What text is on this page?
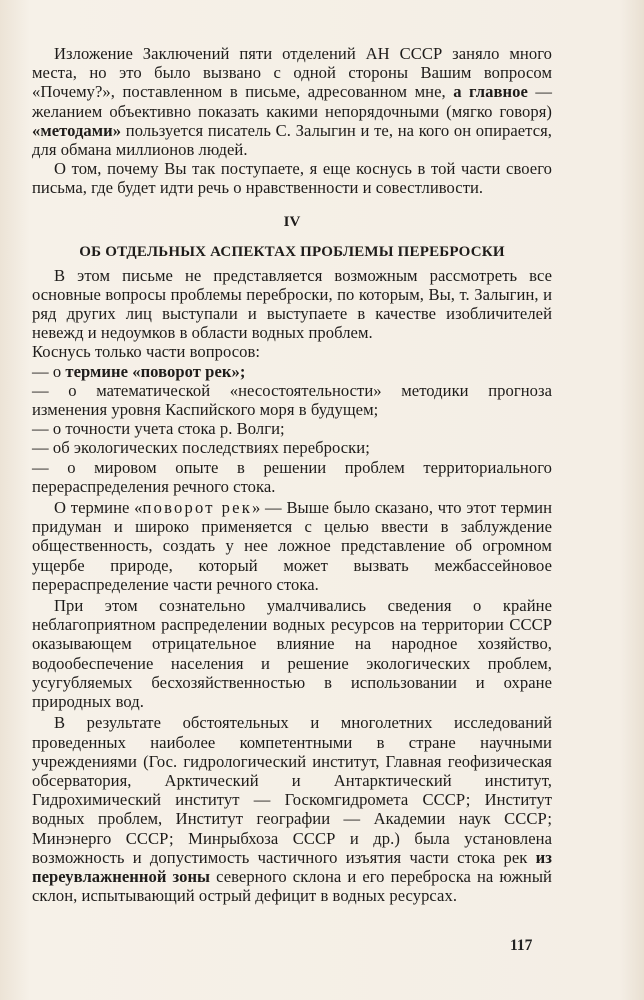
Изложение Заключений пяти отделений АН СССР заняло много места, но это было вызвано с одной стороны Вашим вопросом «Почему?», поставленном в письме, адресованном мне, а главное — желанием объективно показать какими непорядочными (мягко говоря) «методами» пользуется писатель С. Залыгин и те, на кого он опирается, для обмана миллионов людей.

О том, почему Вы так поступаете, я еще коснусь в той части своего письма, где будет идти речь о нравственности и совестливости.

IV

ОБ ОТДЕЛЬНЫХ АСПЕКТАХ ПРОБЛЕМЫ ПЕРЕБРОСКИ

В этом письме не представляется возможным рассмотреть все основные вопросы проблемы переброски, по которым, Вы, т. Залыгин, и ряд других лиц выступали и выступаете в качестве изобличителей невежд и недоумков в области водных проблем.

Коснусь только части вопросов:

— о термине «поворот рек»;

— о математической «несостоятельности» методики прогноза изменения уровня Каспийского моря в будущем;

— о точности учета стока р. Волги;

— об экологических последствиях переброски;

— о мировом опыте в решении проблем территориального перераспределения речного стока.

О термине «поворот рек» — Выше было сказано, что этот термин придуман и широко применяется с целью ввести в заблуждение общественность, создать у нее ложное представление об огромном ущербе природе, который может вызвать межбассейновое перераспределение части речного стока.

При этом сознательно умалчивались сведения о крайне неблагоприятном распределении водных ресурсов на территории СССР оказывающем отрицательное влияние на народное хозяйство, водообеспечение населения и решение экологических проблем, усугубляемых бесхозяйственностью в использовании и охране природных вод.

В результате обстоятельных и многолетних исследований проведенных наиболее компетентными в стране научными учреждениями (Гос. гидрологический институт, Главная геофизическая обсерватория, Арктический и Антарктический институт, Гидрохимический институт — Госкомгидромета СССР; Институт водных проблем, Институт географии — Академии наук СССР; Минэнерго СССР; Минрыбхоза СССР и др.) была установлена возможность и допустимость частичного изъятия части стока рек из переувлажненной зоны северного склона и его переброска на южный склон, испытывающий острый дефицит в водных ресурсах.

117
